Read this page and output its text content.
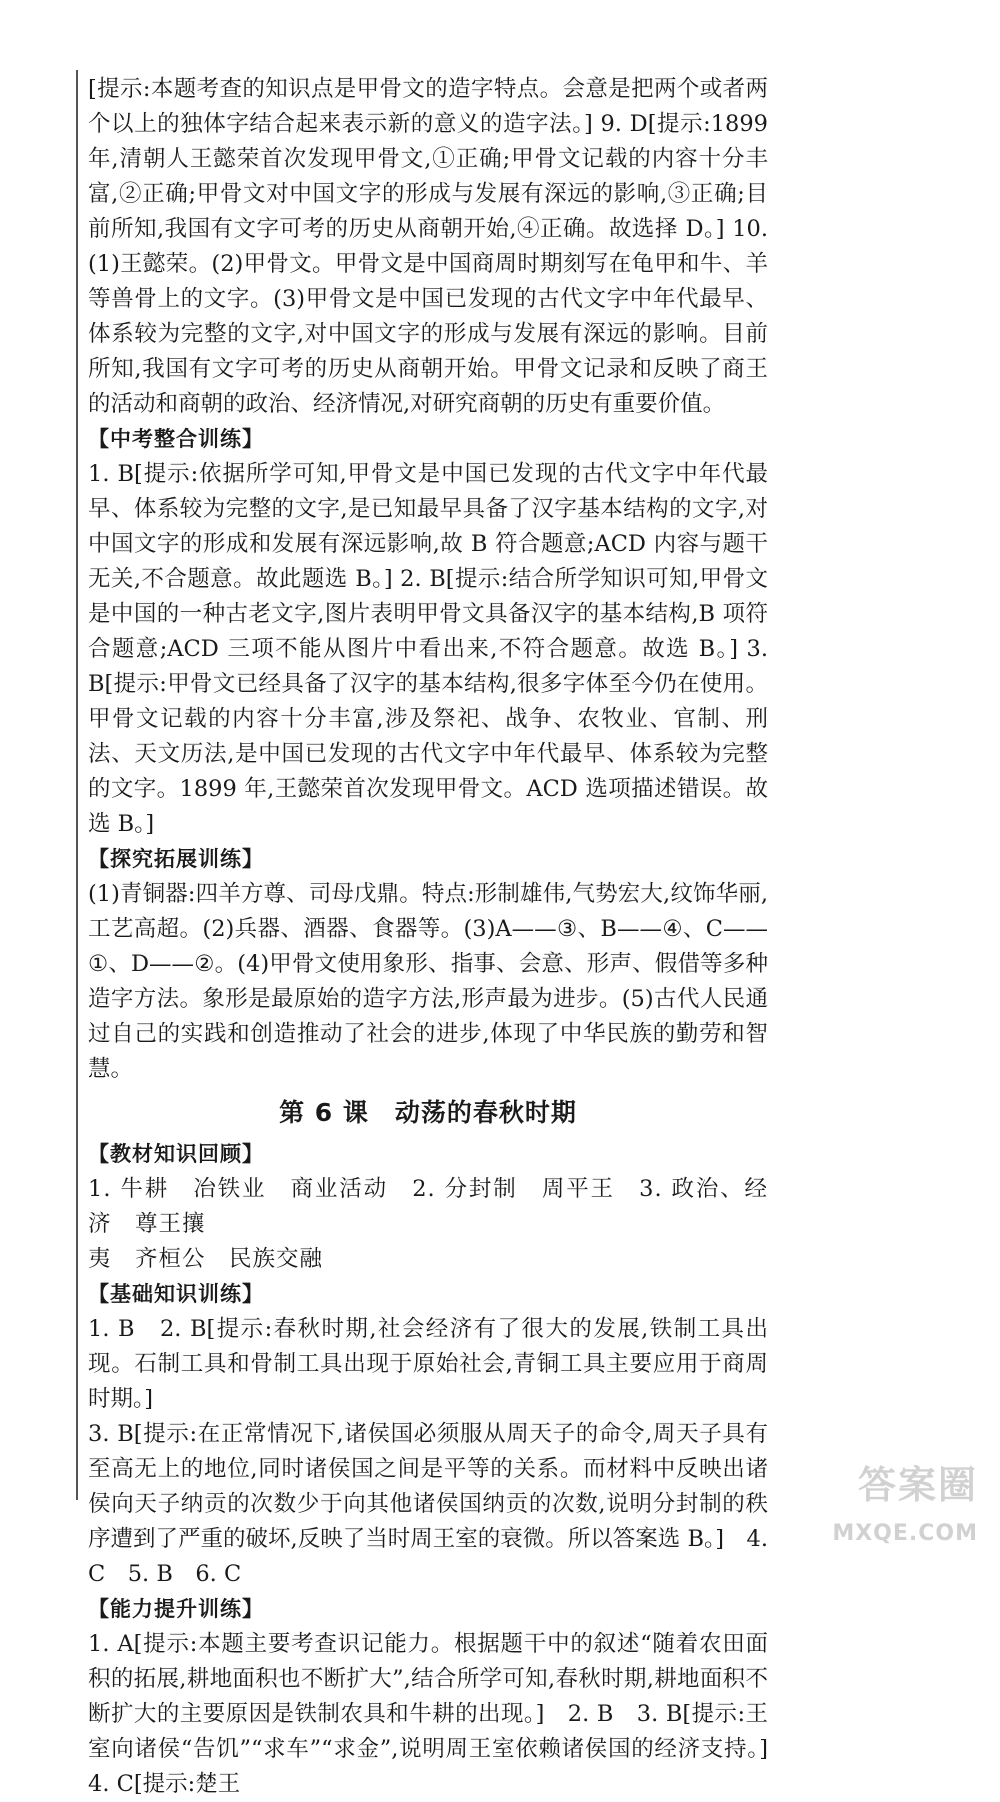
[提示:本题考查的知识点是甲骨文的造字特点。会意是把两个或者两个以上的独体字结合起来表示新的意义的造字法。] 9. D[提示:1899 年,清朝人王懿荣首次发现甲骨文,①正确;甲骨文记载的内容十分丰富,②正确;甲骨文对中国文字的形成与发展有深远的影响,③正确;目前所知,我国有文字可考的历史从商朝开始,④正确。故选择 D。] 10.(1)王懿荣。(2)甲骨文。甲骨文是中国商周时期刻写在龟甲和牛、羊等兽骨上的文字。(3)甲骨文是中国已发现的古代文字中年代最早、体系较为完整的文字,对中国文字的形成与发展有深远的影响。目前所知,我国有文字可考的历史从商朝开始。甲骨文记录和反映了商王的活动和商朝的政治、经济情况,对研究商朝的历史有重要价值。

【中考整合训练】

1. B[提示:依据所学可知,甲骨文是中国已发现的古代文字中年代最早、体系较为完整的文字,是已知最早具备了汉字基本结构的文字,对中国文字的形成和发展有深远影响,故 B 符合题意;ACD 内容与题干无关,不合题意。故此题选 B。] 2. B[提示:结合所学知识可知,甲骨文是中国的一种古老文字,图片表明甲骨文具备汉字的基本结构,B 项符合题意;ACD 三项不能从图片中看出来,不符合题意。故选 B。] 3. B[提示:甲骨文已经具备了汉字的基本结构,很多字体至今仍在使用。甲骨文记载的内容十分丰富,涉及祭祀、战争、农牧业、官制、刑法、天文历法,是中国已发现的古代文字中年代最早、体系较为完整的文字。1899 年,王懿荣首次发现甲骨文。ACD 选项描述错误。故选 B。]

【探究拓展训练】

(1)青铜器:四羊方尊、司母戊鼎。特点:形制雄伟,气势宏大,纹饰华丽,工艺高超。(2)兵器、酒器、食器等。(3)A——③、B——④、C——①、D——②。(4)甲骨文使用象形、指事、会意、形声、假借等多种造字方法。象形是最原始的造字方法,形声最为进步。(5)古代人民通过自己的实践和创造推动了社会的进步,体现了中华民族的勤劳和智慧。

第 6 课　动荡的春秋时期

【教材知识回顾】

1. 牛耕　冶铁业　商业活动　2. 分封制　周平王　3. 政治、经济　尊王攘

夷　齐桓公　民族交融

【基础知识训练】

1. B　2. B[提示:春秋时期,社会经济有了很大的发展,铁制工具出现。石制工具和骨制工具出现于原始社会,青铜工具主要应用于商周时期。]

3. B[提示:在正常情况下,诸侯国必须服从周天子的命令,周天子具有至高无上的地位,同时诸侯国之间是平等的关系。而材料中反映出诸侯向天子纳贡的次数少于向其他诸侯国纳贡的次数,说明分封制的秩序遭到了严重的破坏,反映了当时周王室的衰微。所以答案选 B。]　4. C　5. B　6. C

【能力提升训练】

1. A[提示:本题主要考查识记能力。根据题干中的叙述“随着农田面积的拓展,耕地面积也不断扩大”,结合所学可知,春秋时期,耕地面积不断扩大的主要原因是铁制农具和牛耕的出现。]　2. B　3. B[提示:王室向诸侯“告饥”“求车”“求金”,说明周王室依赖诸侯国的经济支持。]　4. C[提示:楚王

答案圈
MXQE.COM
